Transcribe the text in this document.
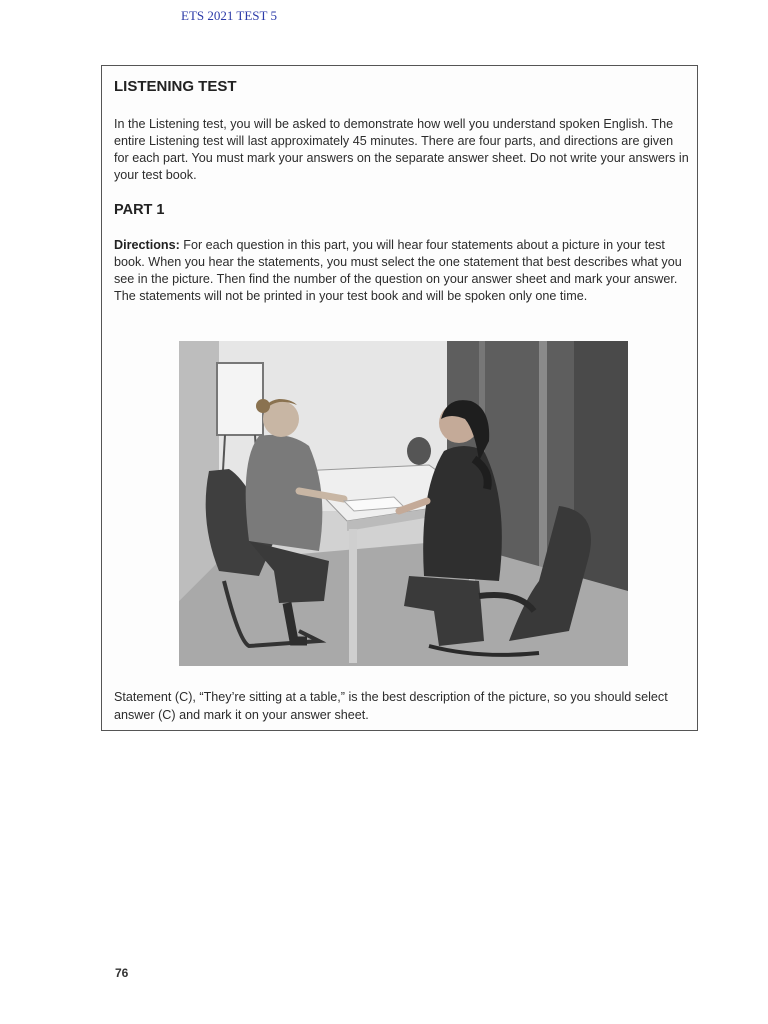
ETS 2021 TEST 5
LISTENING TEST

In the Listening test, you will be asked to demonstrate how well you understand spoken English. The entire Listening test will last approximately 45 minutes. There are four parts, and directions are given for each part. You must mark your answers on the separate answer sheet. Do not write your answers in your test book.

PART 1

Directions: For each question in this part, you will hear four statements about a picture in your test book. When you hear the statements, you must select the one statement that best describes what you see in the picture. Then find the number of the question on your answer sheet and mark your answer. The statements will not be printed in your test book and will be spoken only one time.

Statement (C), “They’re sitting at a table,” is the best description of the picture, so you should select answer (C) and mark it on your answer sheet.

76
